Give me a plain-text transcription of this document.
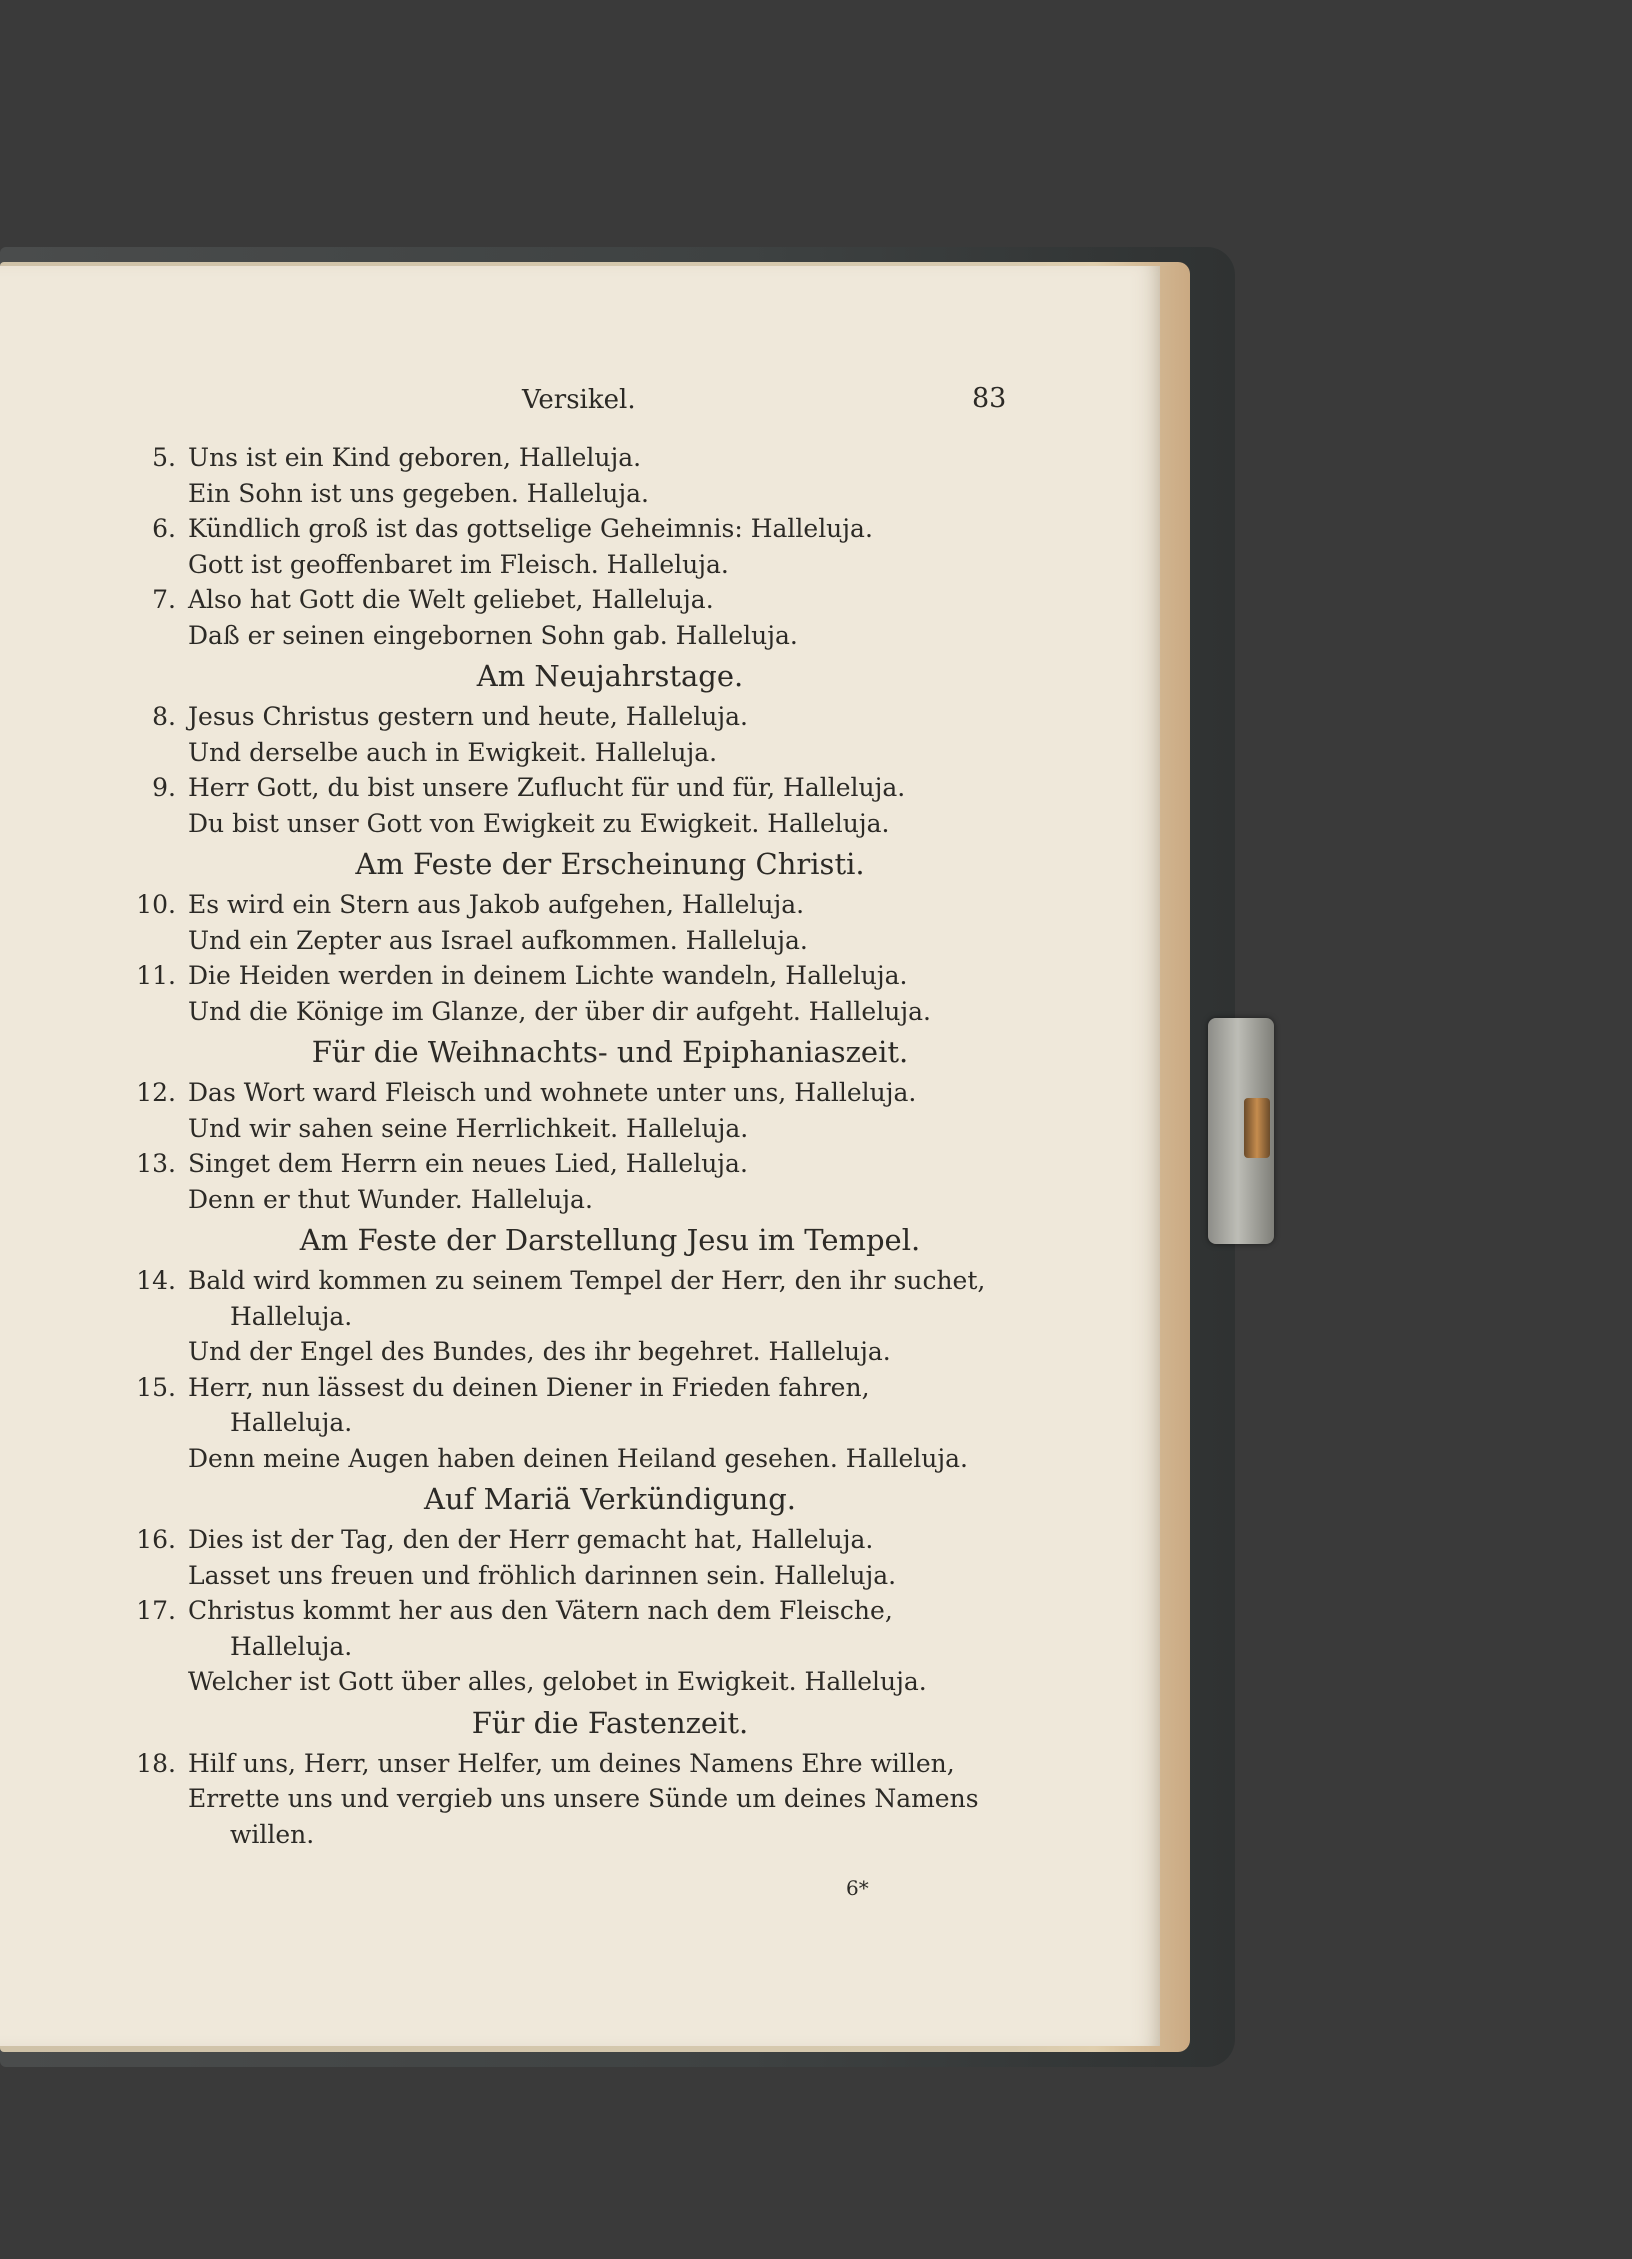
Versikel.	83
5. Uns ist ein Kind geboren, Halleluja.
Ein Sohn ist uns gegeben. Halleluja.
6. Kündlich groß ist das gottselige Geheimnis: Halleluja.
Gott ist geoffenbaret im Fleisch. Halleluja.
7. Also hat Gott die Welt geliebet, Halleluja.
Daß er seinen eingebornen Sohn gab. Halleluja.
Am Neujahrstage.
8. Jesus Christus gestern und heute, Halleluja.
Und derselbe auch in Ewigkeit. Halleluja.
9. Herr Gott, du bist unsere Zuflucht für und für, Halleluja.
Du bist unser Gott von Ewigkeit zu Ewigkeit. Halleluja.
Am Feste der Erscheinung Christi.
10. Es wird ein Stern aus Jakob aufgehen, Halleluja.
Und ein Zepter aus Israel aufkommen. Halleluja.
11. Die Heiden werden in deinem Lichte wandeln, Halleluja.
Und die Könige im Glanze, der über dir aufgeht. Halleluja.
Für die Weihnachts- und Epiphaniaszeit.
12. Das Wort ward Fleisch und wohnete unter uns, Halleluja.
Und wir sahen seine Herrlichkeit. Halleluja.
13. Singet dem Herrn ein neues Lied, Halleluja.
Denn er thut Wunder. Halleluja.
Am Feste der Darstellung Jesu im Tempel.
14. Bald wird kommen zu seinem Tempel der Herr, den ihr suchet,
Halleluja.
Und der Engel des Bundes, des ihr begehret. Halleluja.
15. Herr, nun lässest du deinen Diener in Frieden fahren,
Halleluja.
Denn meine Augen haben deinen Heiland gesehen. Halleluja.
Auf Mariä Verkündigung.
16. Dies ist der Tag, den der Herr gemacht hat, Halleluja.
Lasset uns freuen und fröhlich darinnen sein. Halleluja.
17. Christus kommt her aus den Vätern nach dem Fleische,
Halleluja.
Welcher ist Gott über alles, gelobet in Ewigkeit. Halleluja.
Für die Fastenzeit.
18. Hilf uns, Herr, unser Helfer, um deines Namens Ehre willen,
Errette uns und vergieb uns unsere Sünde um deines Namens
willen.
6*
